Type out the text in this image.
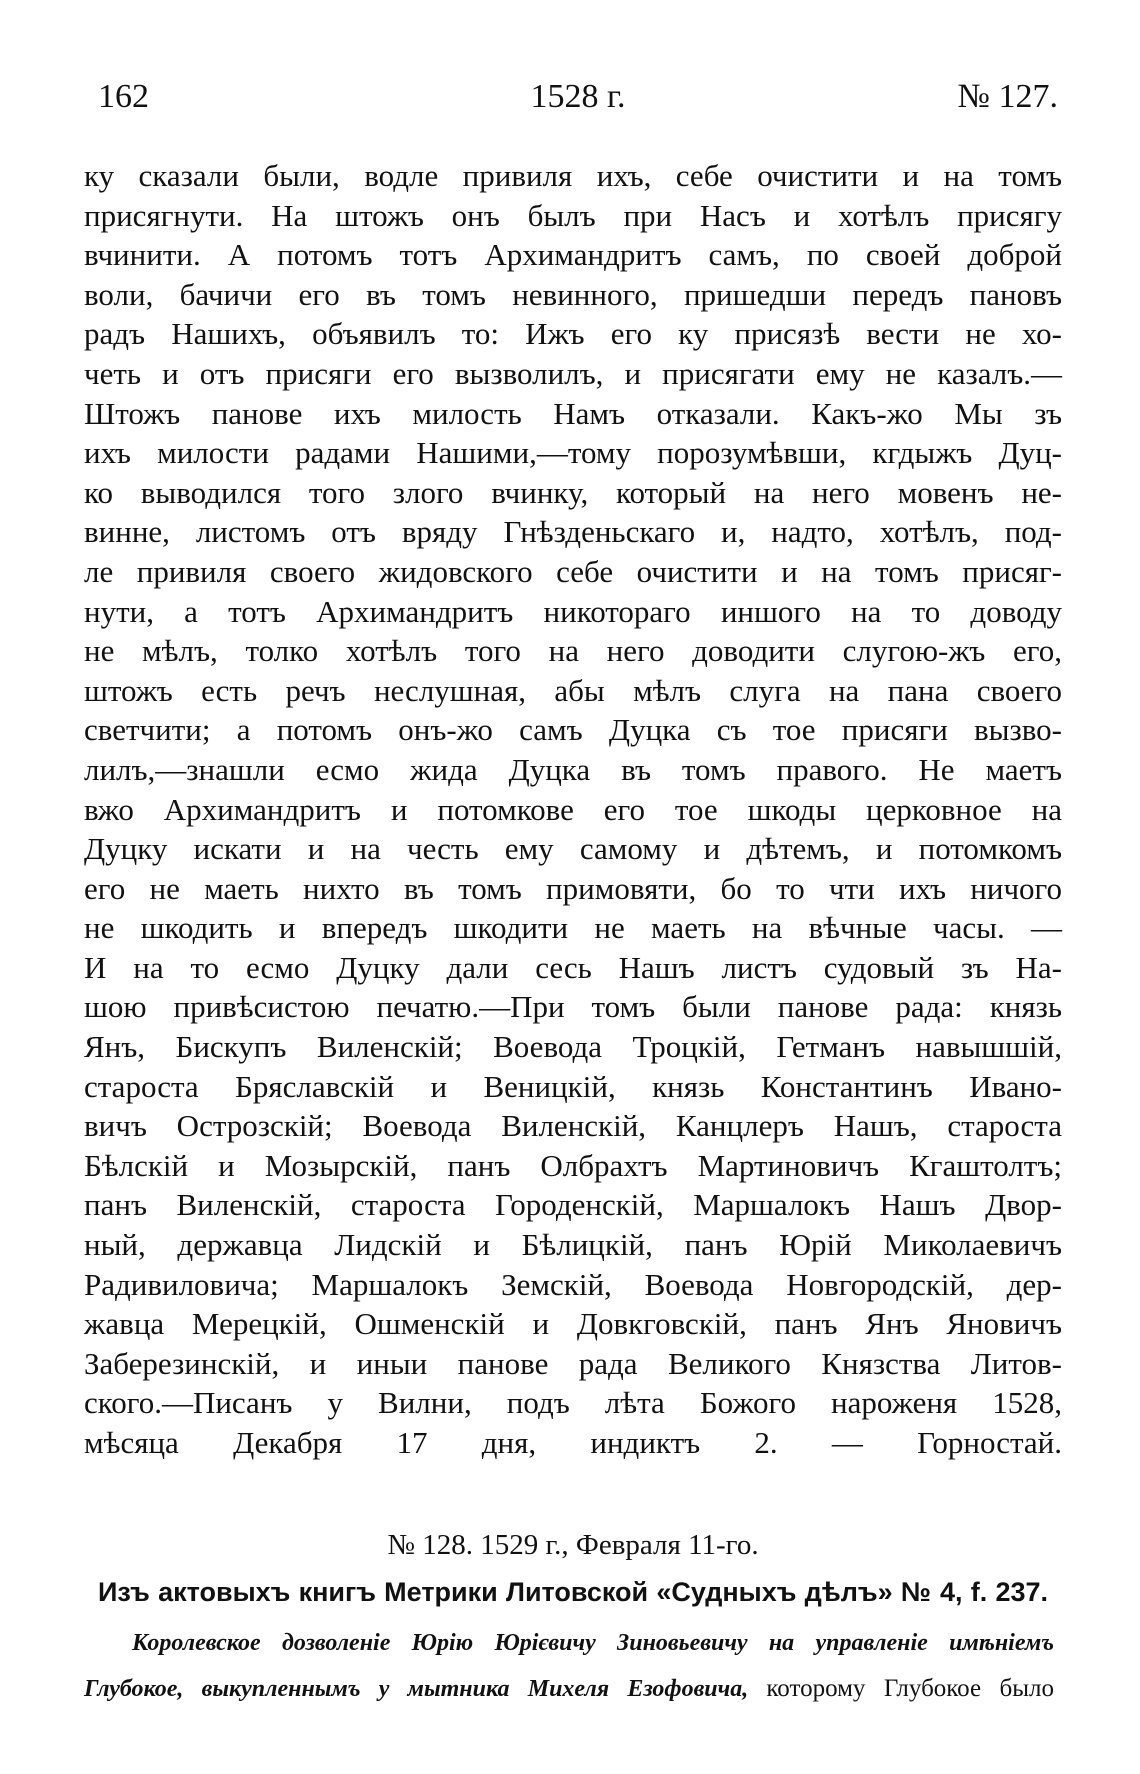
162	1528 г.	№ 127.
ку сказали были, водле привиля ихъ, себе очистити и на томъ
присягнути. На штожъ онъ былъ при Насъ и хотѣлъ присягу
вчинити. А потомъ тотъ Архимандритъ самъ, по своей доброй
воли, бачичи его въ томъ невинного, пришедши передъ пановъ
радъ Нашихъ, объявилъ то: Ижъ его ку присязѣ вести не хо-
четь и отъ присяги его вызволилъ, и присягати ему не казалъ.—
Штожъ панове ихъ милость Намъ отказали. Какъ-жо Мы зъ
ихъ милости радами Нашими,—тому порозумѣвши, кгдыжъ Дуц-
ко выводился того злого вчинку, который на него мовенъ не-
винне, листомъ отъ вряду Гнѣзденьскаго и, надто, хотѣлъ, под-
ле привиля своего жидовского себе очистити и на томъ присяг-
нути, а тотъ Архимандритъ никотораго иншого на то доводу
не мѣлъ, толко хотѣлъ того на него доводити слугою-жъ его,
штожъ есть речъ неслушная, абы мѣлъ слуга на пана своего
светчити; а потомъ онъ-жо самъ Дуцка съ тое присяги вызво-
лилъ,—знашли есмо жида Дуцка въ томъ правого. Не маетъ
вжо Архимандритъ и потомкове его тое шкоды церковное на
Дуцку искати и на честь ему самому и дѣтемъ, и потомкомъ
его не маеть нихто въ томъ примовяти, бо то чти ихъ ничого
не шкодить и впередъ шкодити не маеть на вѣчные часы. —
И на то есмо Дуцку дали сесь Нашъ листъ судовый зъ На-
шою привѣсистою печатю.—При томъ были панове рада: князь
Янъ, Бискупъ Виленскій; Воевода Троцкій, Гетманъ навышшій,
староста Бряславскій и Веницкій, князь Константинъ Ивано-
вичъ Острозскій; Воевода Виленскій, Канцлеръ Нашъ, староста
Бѣлскій и Мозырскій, панъ Олбрахтъ Мартиновичъ Кгаштолтъ;
панъ Виленскій, староста Городенскій, Маршалокъ Нашъ Двор-
ный, державца Лидскій и Бѣлицкій, панъ Юрій Миколаевичъ
Радивиловича; Маршалокъ Земскій, Воевода Новгородскій, дер-
жавца Мерецкій, Ошменскій и Довкговскій, панъ Янъ Яновичъ
Заберезинскій, и иныи панове рада Великого Князства Литов-
ского.—Писанъ у Вилни, подъ лѣта Божого нароженя 1528,
мѣсяца Декабря 17 дня, индиктъ 2. — Горностай.
№ 128. 1529 г., Февраля 11-го.
Изъ актовыхъ книгъ Метрики Литовской «Судныхъ дѣлъ» № 4, f. 237.
Королевское дозволеніе Юрію Юрієвичу Зиновьевичу на управленіе имѣніемъ
Глубокое, выкупленнымъ у мытника Михеля Езофовича, которому Глубокое было
